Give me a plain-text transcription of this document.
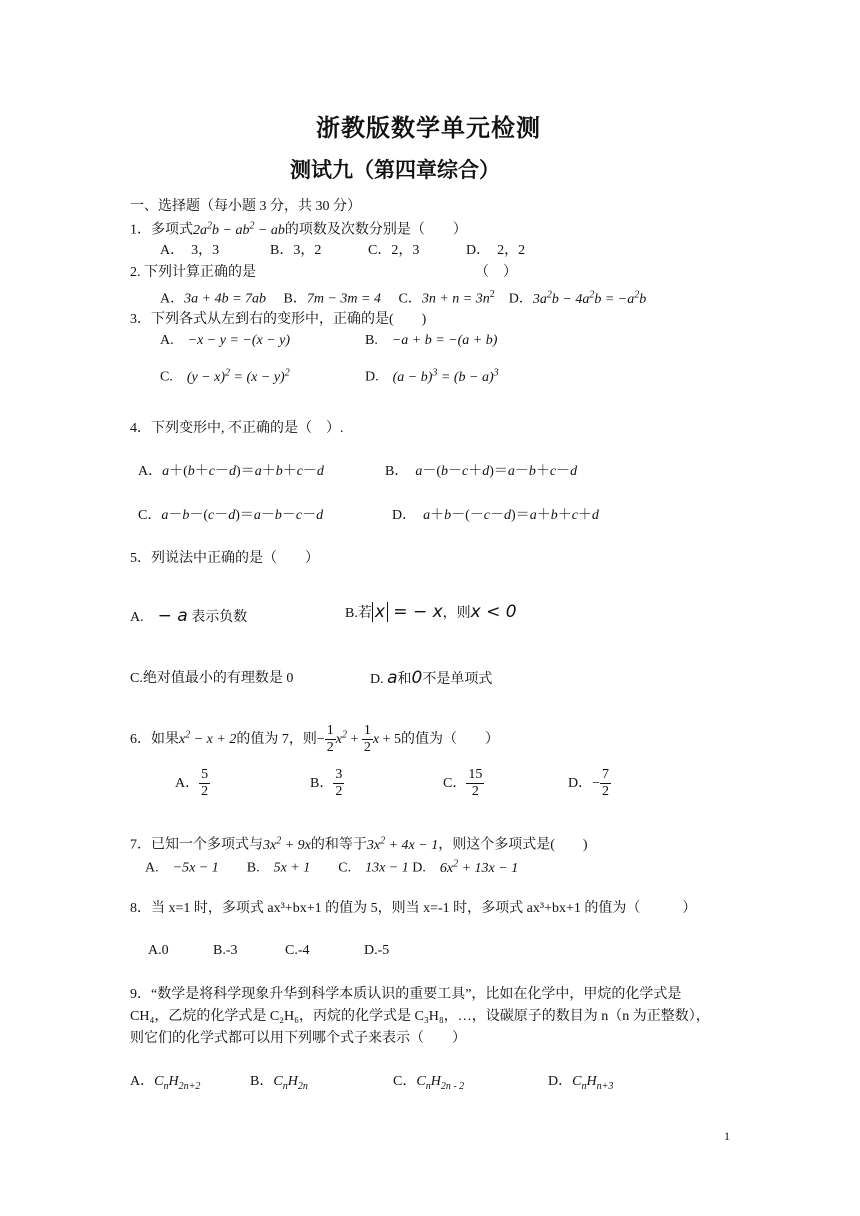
浙教版数学单元检测
测试九（第四章综合）
一、选择题（每小题 3 分，共 30 分）
1．多项式$2a^2b - ab^2$ − ab的项数及次数分别是（　　）
A．　3，3	B．3，2	C．2，3	D．　2，2
2. 下列计算正确的是	（　）
A．3a + 4b = 7ab　 B．7m − 3m = 4　 C．$3n + n = 3n^2$　D．$3a^2b - 4a^2b = -a^2b$
3．下列各式从左到右的变形中，正确的是(　　)
A.　−x − y = −(x − y)	B.　−a + b = −(a + b)
C.　$(y - x)^2 = (x - y)^2$	D.　$(a - b)^3 = (b - a)^3$
4．下列变形中, 不正确的是（　）.
A．a＋(b＋c－d)＝a＋b＋c－d	B．　a－(b－c＋d)＝a－b＋c－d
C．a－b－(c－d)＝a－b－c－d	D．　a＋b－(－c－d)＝a＋b＋c＋d
5．列说法中正确的是（　　）
A.　 − a 表示负数	B.若 x = − x，则x < 0
C.绝对值最小的有理数是 0	D. a和0不是单项式
6．如果$x^2 - x + 2$的值为 7，则− $\frac{1}{2} x^2 + \frac{1}{2}$ x + 5的值为（　　）
A． $\frac{5}{2}$	B． $\frac{3}{2}$	C． $\frac{15}{2}$	D．− $\frac{7}{2}$
7．已知一个多项式与$3x^2 + 9x$的和等于$3x^2 + 4x - 1$，则这个多项式是(　　)
A.　−5x − 1　　B.　5x + 1　　C.　13x − 1 D.　$6x^2 + 13x - 1$
8．当 x=1 时，多项式 ax³+bx+1 的值为 5，则当 x=-1 时，多项式 ax³+bx+1 的值为（　　　）
A.0	B.-3	C.-4	D.-5
9．“数学是将科学现象升华到科学本质认识的重要工具”，比如在化学中，甲烷的化学式是
CH₄，乙烷的化学式是 C₂H₆，丙烷的化学式是 C₃H₈，…，设碳原子的数目为 n（n 为正整数），
则它们的化学式都可以用下列哪个式子来表示（　　）
A．$C_nH_{2n+2}$	B．$C_nH_{2n}$	C．$C_nH_{2n - 2}$	D．$C_nH_{n+3}$
1
